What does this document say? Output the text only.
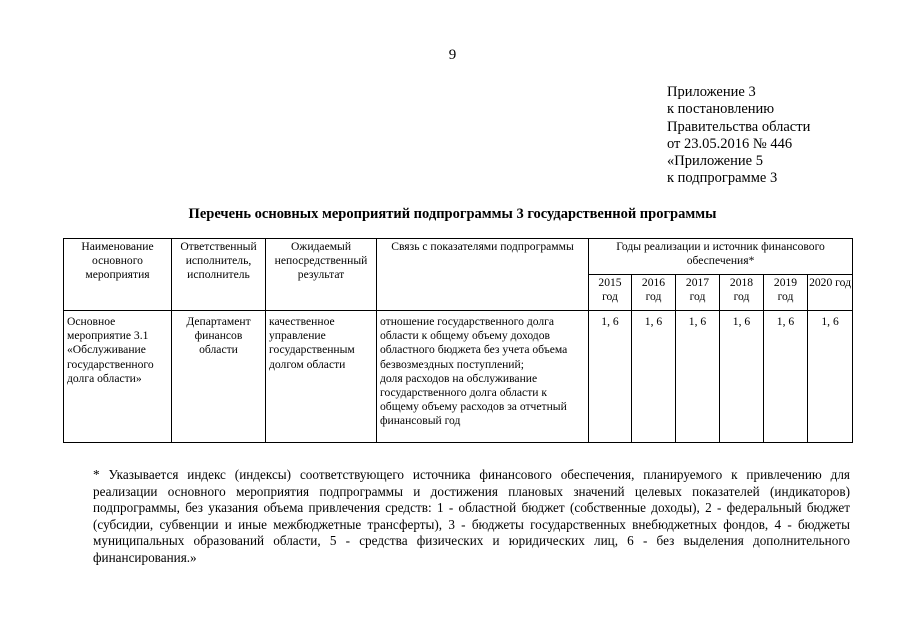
9
Приложение 3
к постановлению
Правительства области
от 23.05.2016 № 446
«Приложение 5
к подпрограмме 3
Перечень основных мероприятий подпрограммы 3 государственной программы
Наименование основного мероприятия	Ответственный исполнитель, исполнитель	Ожидаемый непосредственный результат	Связь с показателями подпрограммы	Годы реализации и источник финансового обеспечения*					
				2015 год	2016 год	2017 год	2018 год	2019 год	2020 год
Основное мероприятие 3.1 «Обслуживание государственного долга области»	Департамент финансов области	качественное управление государственным долгом области	отношение государственного долга области к общему объему доходов областного бюджета без учета объема безвозмездных поступлений;
доля расходов на обслуживание государственного долга области к общему объему расходов за отчетный финансовый год	1, 6	1, 6	1, 6	1, 6	1, 6	1, 6

* Указывается индекс (индексы) соответствующего источника финансового обеспечения, планируемого к привлечению для реализации основного мероприятия подпрограммы и достижения плановых значений целевых показателей (индикаторов) подпрограммы, без указания объема привлечения средств: 1 - областной бюджет (собственные доходы), 2 - федеральный бюджет (субсидии, субвенции и иные межбюджетные трансферты), 3 - бюджеты государственных внебюджетных фондов, 4 - бюджеты муниципальных образований области, 5 - средства физических и юридических лиц, 6 - без выделения дополнительного финансирования.»
